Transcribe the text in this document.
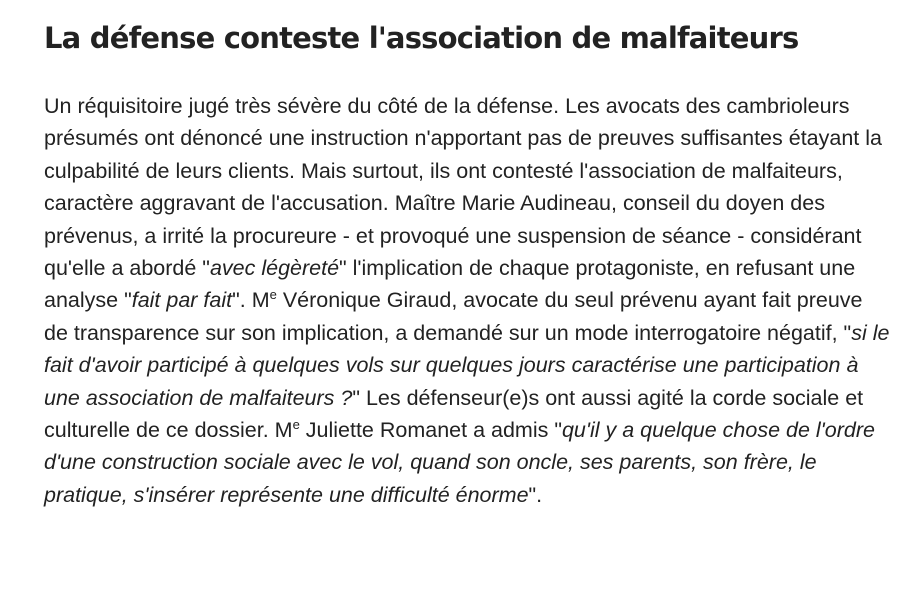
La défense conteste l'association de malfaiteurs

Un réquisitoire jugé très sévère du côté de la défense. Les avocats des cambrioleurs présumés ont dénoncé une instruction n'apportant pas de preuves suffisantes étayant la culpabilité de leurs clients. Mais surtout, ils ont contesté l'association de malfaiteurs, caractère aggravant de l'accusation. Maître Marie Audineau, conseil du doyen des prévenus, a irrité la procureure - et provoqué une suspension de séance - considérant qu'elle a abordé "avec légèreté" l'implication de chaque protagoniste, en refusant une analyse "fait par fait". Me Véronique Giraud, avocate du seul prévenu ayant fait preuve de transparence sur son implication, a demandé sur un mode interrogatoire négatif, "si le fait d'avoir participé à quelques vols sur quelques jours caractérise une participation à une association de malfaiteurs ?" Les défenseur(e)s ont aussi agité la corde sociale et culturelle de ce dossier. Me Juliette Romanet a admis "qu'il y a quelque chose de l'ordre d'une construction sociale avec le vol, quand son oncle, ses parents, son frère, le pratique, s'insérer représente une difficulté énorme".
